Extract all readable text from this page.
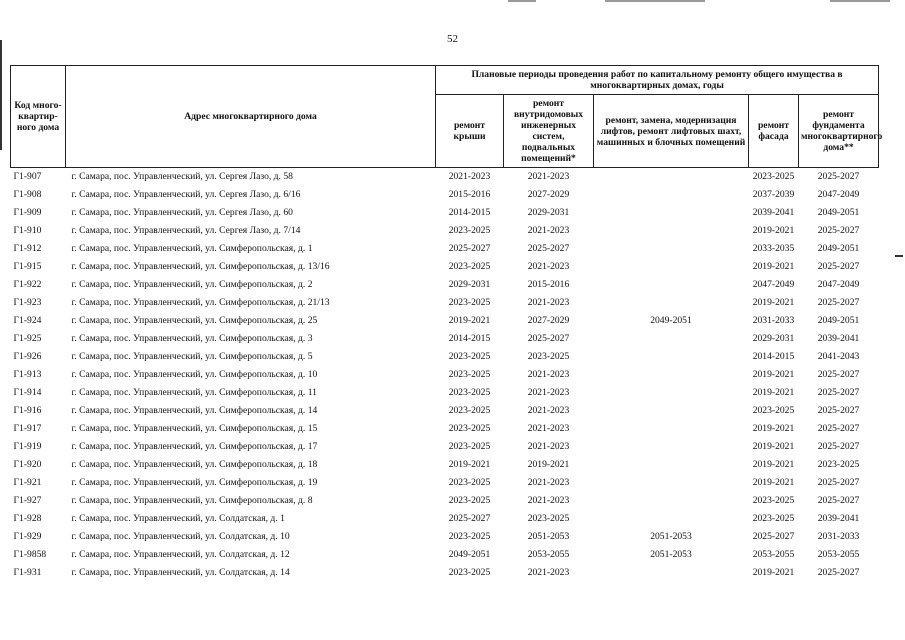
52
Код много-квартир-ного дома	Адрес многоквартирного дома	Плановые периоды проведения работ по капитальному ремонту общего имущества в многоквартирных домах, годы				
		ремонт крыши	ремонт внутридомовых инженерных систем, подвальных помещений*	ремонт, замена, модернизация лифтов, ремонт лифтовых шахт, машинных и блочных помещений	ремонт фасада	ремонт фундамента многоквартирного дома**
Г1-907	г. Самара, пос. Управленческий, ул. Сергея Лазо, д. 58	2021-2023	2021-2023		2023-2025	2025-2027
Г1-908	г. Самара, пос. Управленческий, ул. Сергея Лазо, д. 6/16	2015-2016	2027-2029		2037-2039	2047-2049
Г1-909	г. Самара, пос. Управленческий, ул. Сергея Лазо, д. 60	2014-2015	2029-2031		2039-2041	2049-2051
Г1-910	г. Самара, пос. Управленческий, ул. Сергея Лазо, д. 7/14	2023-2025	2021-2023		2019-2021	2025-2027
Г1-912	г. Самара, пос. Управленческий, ул. Симферопольская, д. 1	2025-2027	2025-2027		2033-2035	2049-2051
Г1-915	г. Самара, пос. Управленческий, ул. Симферопольская, д. 13/16	2023-2025	2021-2023		2019-2021	2025-2027
Г1-922	г. Самара, пос. Управленческий, ул. Симферопольская, д. 2	2029-2031	2015-2016		2047-2049	2047-2049
Г1-923	г. Самара, пос. Управленческий, ул. Симферопольская, д. 21/13	2023-2025	2021-2023		2019-2021	2025-2027
Г1-924	г. Самара, пос. Управленческий, ул. Симферопольская, д. 25	2019-2021	2027-2029	2049-2051	2031-2033	2049-2051
Г1-925	г. Самара, пос. Управленческий, ул. Симферопольская, д. 3	2014-2015	2025-2027		2029-2031	2039-2041
Г1-926	г. Самара, пос. Управленческий, ул. Симферопольская, д. 5	2023-2025	2023-2025		2014-2015	2041-2043
Г1-913	г. Самара, пос. Управленческий, ул. Симферопольская, д. 10	2023-2025	2021-2023		2019-2021	2025-2027
Г1-914	г. Самара, пос. Управленческий, ул. Симферопольская, д. 11	2023-2025	2021-2023		2019-2021	2025-2027
Г1-916	г. Самара, пос. Управленческий, ул. Симферопольская, д. 14	2023-2025	2021-2023		2023-2025	2025-2027
Г1-917	г. Самара, пос. Управленческий, ул. Симферопольская, д. 15	2023-2025	2021-2023		2019-2021	2025-2027
Г1-919	г. Самара, пос. Управленческий, ул. Симферопольская, д. 17	2023-2025	2021-2023		2019-2021	2025-2027
Г1-920	г. Самара, пос. Управленческий, ул. Симферопольская, д. 18	2019-2021	2019-2021		2019-2021	2023-2025
Г1-921	г. Самара, пос. Управленческий, ул. Симферопольская, д. 19	2023-2025	2021-2023		2019-2021	2025-2027
Г1-927	г. Самара, пос. Управленческий, ул. Симферопольская, д. 8	2023-2025	2021-2023		2023-2025	2025-2027
Г1-928	г. Самара, пос. Управленческий, ул. Солдатская, д. 1	2025-2027	2023-2025		2023-2025	2039-2041
Г1-929	г. Самара, пос. Управленческий, ул. Солдатская, д. 10	2023-2025	2051-2053	2051-2053	2025-2027	2031-2033
Г1-9858	г. Самара, пос. Управленческий, ул. Солдатская, д. 12	2049-2051	2053-2055	2051-2053	2053-2055	2053-2055
Г1-931	г. Самара, пос. Управленческий, ул. Солдатская, д. 14	2023-2025	2021-2023		2019-2021	2025-2027
